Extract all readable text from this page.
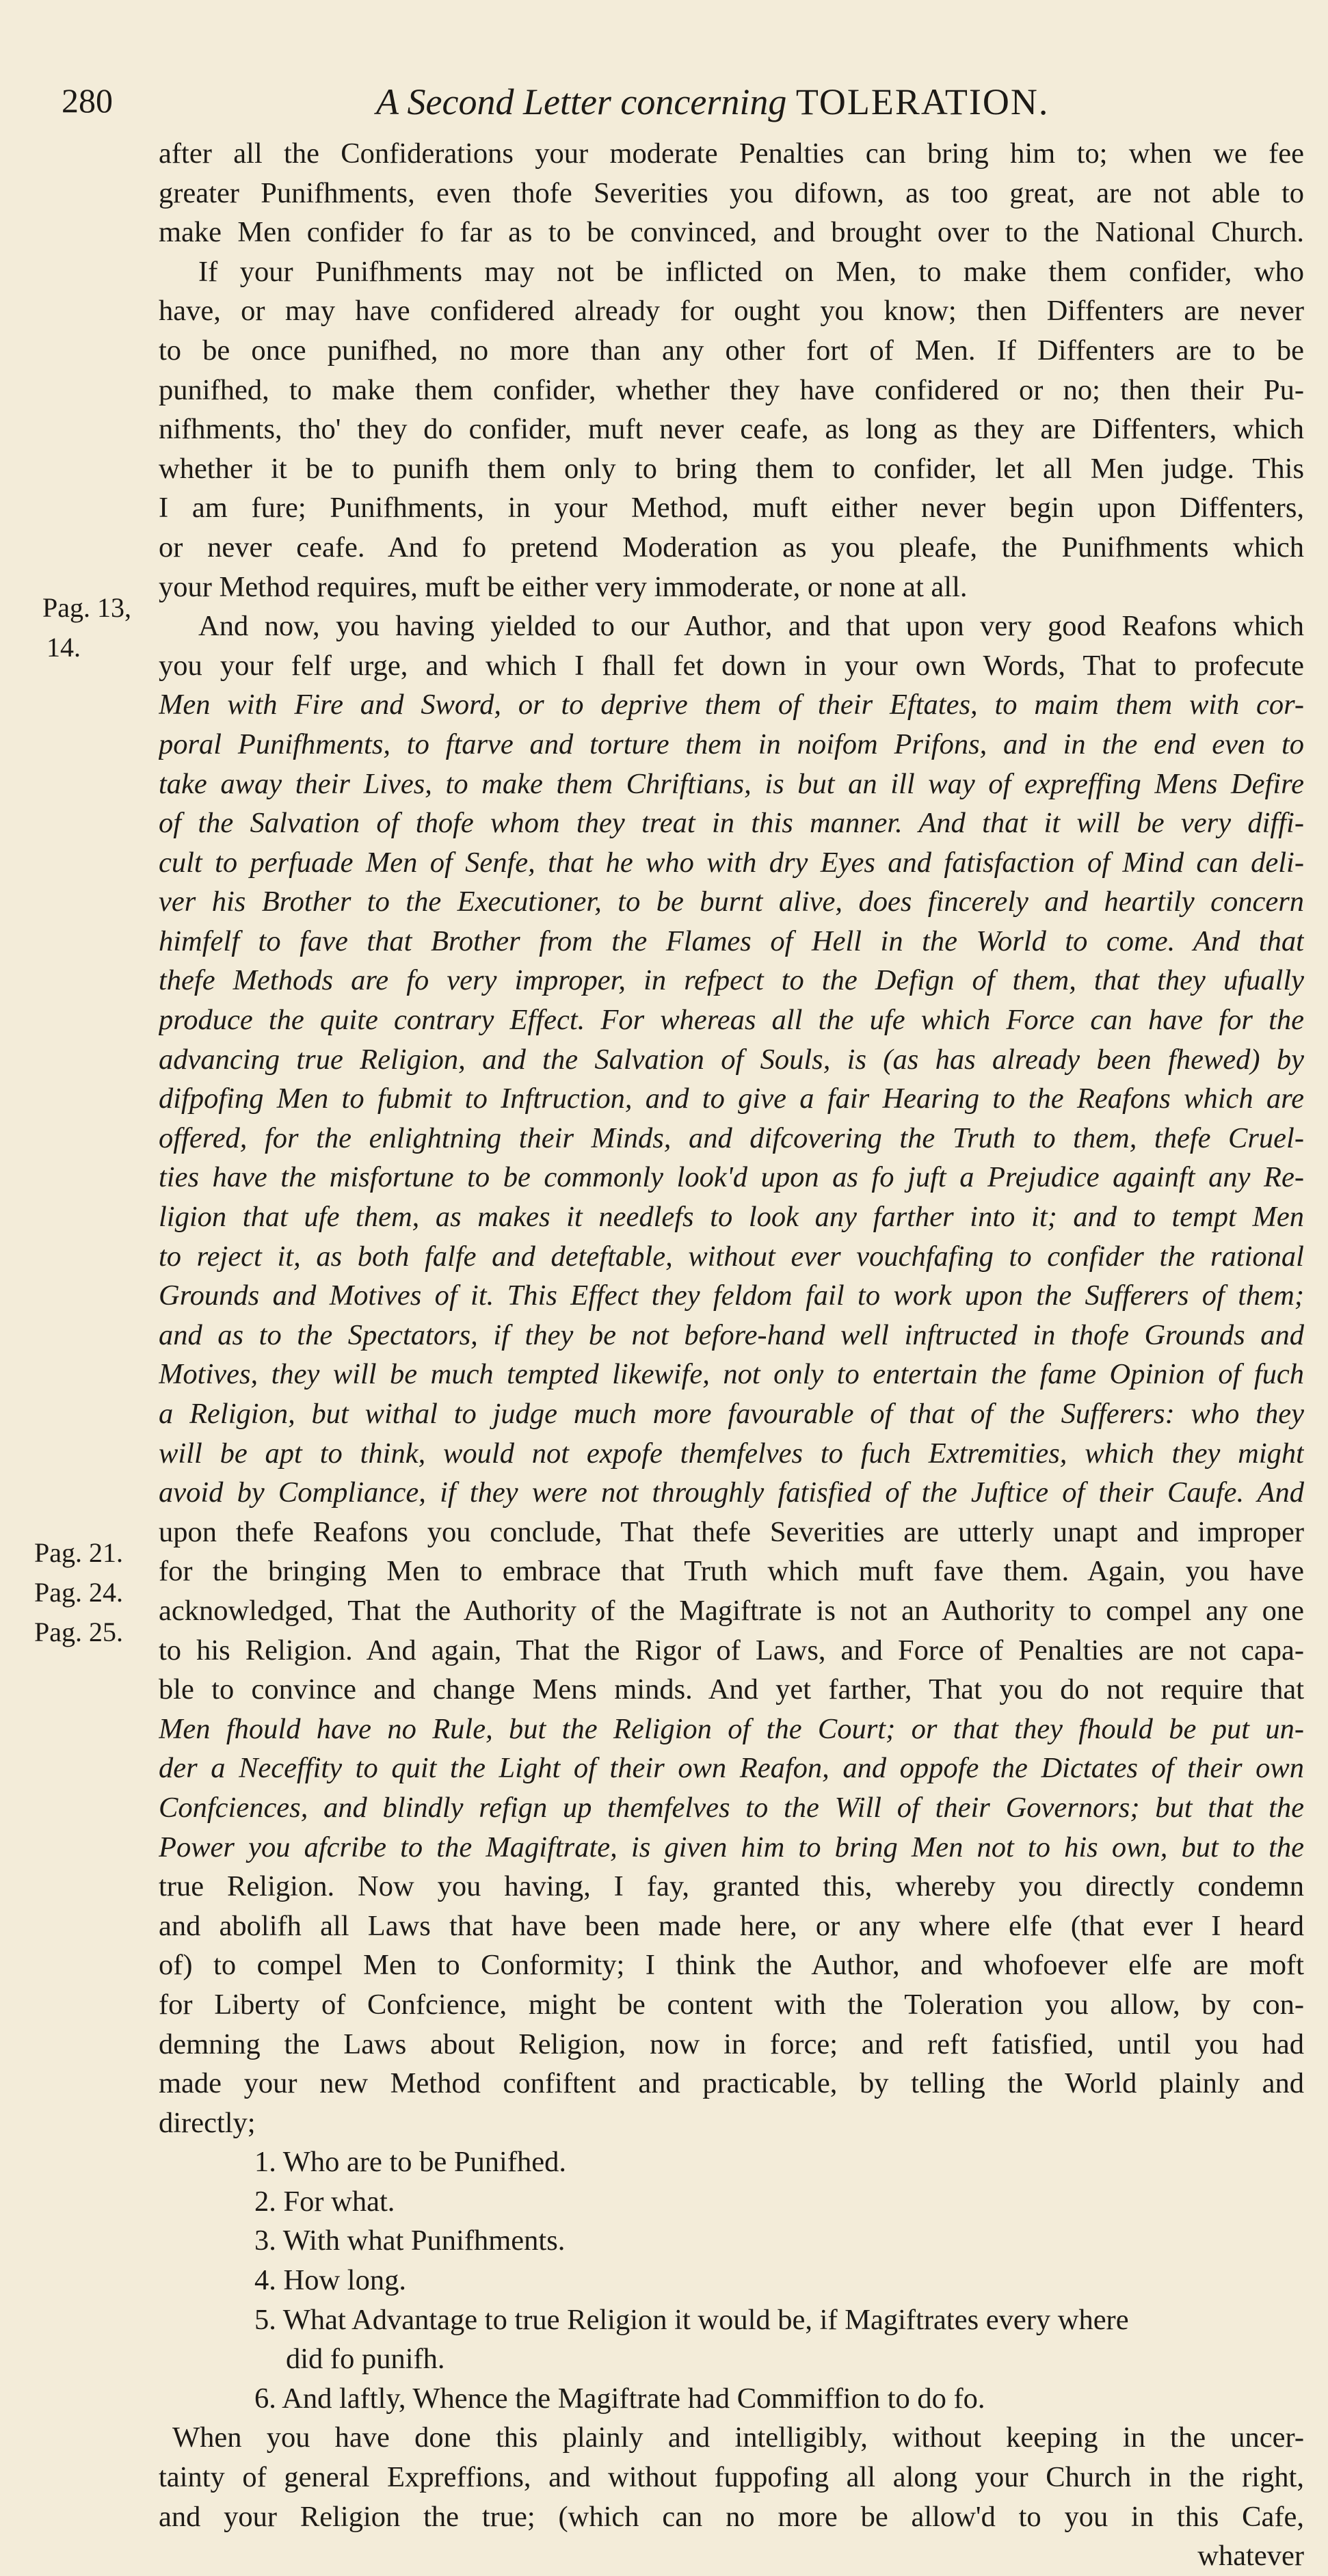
280	A Second Letter concerning TOLERATION.
Pag. 13,
14.
Pag. 21.
Pag. 24.
Pag. 25.
after all the Confiderations your moderate Penalties can bring him to; when we fee
greater Punifhments, even thofe Severities you difown, as too great, are not able to
make Men confider fo far as to be convinced, and brought over to the National Church.
If your Punifhments may not be inflicted on Men, to make them confider, who
have, or may have confidered already for ought you know; then Diffenters are never
to be once punifhed, no more than any other fort of Men. If Diffenters are to be
punifhed, to make them confider, whether they have confidered or no; then their Pu-
nifhments, tho' they do confider, muft never ceafe, as long as they are Diffenters, which
whether it be to punifh them only to bring them to confider, let all Men judge. This
I am fure; Punifhments, in your Method, muft either never begin upon Diffenters,
or never ceafe. And fo pretend Moderation as you pleafe, the Punifhments which
your Method requires, muft be either very immoderate, or none at all.
And now, you having yielded to our Author, and that upon very good Reafons which
you your felf urge, and which I fhall fet down in your own Words, That to profecute
Men with Fire and Sword, or to deprive them of their Eftates, to maim them with cor-
poral Punifhments, to ftarve and torture them in noifom Prifons, and in the end even to
take away their Lives, to make them Chriftians, is but an ill way of expreffing Mens Defire
of the Salvation of thofe whom they treat in this manner. And that it will be very diffi-
cult to perfuade Men of Senfe, that he who with dry Eyes and fatisfaction of Mind can deli-
ver his Brother to the Executioner, to be burnt alive, does fincerely and heartily concern
himfelf to fave that Brother from the Flames of Hell in the World to come. And that
thefe Methods are fo very improper, in refpect to the Defign of them, that they ufually
produce the quite contrary Effect. For whereas all the ufe which Force can have for the
advancing true Religion, and the Salvation of Souls, is (as has already been fhewed) by
difpofing Men to fubmit to Inftruction, and to give a fair Hearing to the Reafons which are
offered, for the enlightning their Minds, and difcovering the Truth to them, thefe Cruel-
ties have the misfortune to be commonly look'd upon as fo juft a Prejudice againft any Re-
ligion that ufe them, as makes it needlefs to look any farther into it; and to tempt Men
to reject it, as both falfe and deteftable, without ever vouchfafing to confider the rational
Grounds and Motives of it. This Effect they feldom fail to work upon the Sufferers of them;
and as to the Spectators, if they be not before-hand well inftructed in thofe Grounds and
Motives, they will be much tempted likewife, not only to entertain the fame Opinion of fuch
a Religion, but withal to judge much more favourable of that of the Sufferers: who they
will be apt to think, would not expofe themfelves to fuch Extremities, which they might
avoid by Compliance, if they were not throughly fatisfied of the Juftice of their Caufe. And
upon thefe Reafons you conclude, That thefe Severities are utterly unapt and improper
for the bringing Men to embrace that Truth which muft fave them. Again, you have
acknowledged, That the Authority of the Magiftrate is not an Authority to compel any one
to his Religion. And again, That the Rigor of Laws, and Force of Penalties are not capa-
ble to convince and change Mens minds. And yet farther, That you do not require that
Men fhould have no Rule, but the Religion of the Court; or that they fhould be put un-
der a Neceffity to quit the Light of their own Reafon, and oppofe the Dictates of their own
Confciences, and blindly refign up themfelves to the Will of their Governors; but that the
Power you afcribe to the Magiftrate, is given him to bring Men not to his own, but to the
true Religion. Now you having, I fay, granted this, whereby you directly condemn
and abolifh all Laws that have been made here, or any where elfe (that ever I heard
of) to compel Men to Conformity; I think the Author, and whofoever elfe are moft
for Liberty of Confcience, might be content with the Toleration you allow, by con-
demning the Laws about Religion, now in force; and reft fatisfied, until you had
made your new Method confiftent and practicable, by telling the World plainly and
directly;
1. Who are to be Punifhed.
2. For what.
3. With what Punifhments.
4. How long.
5. What Advantage to true Religion it would be, if Magiftrates every where
did fo punifh.
6. And laftly, Whence the Magiftrate had Commiffion to do fo.
When you have done this plainly and intelligibly, without keeping in the uncer-
tainty of general Expreffions, and without fuppofing all along your Church in the right,
and your Religion the true; (which can no more be allow'd to you in this Cafe,
whatever
